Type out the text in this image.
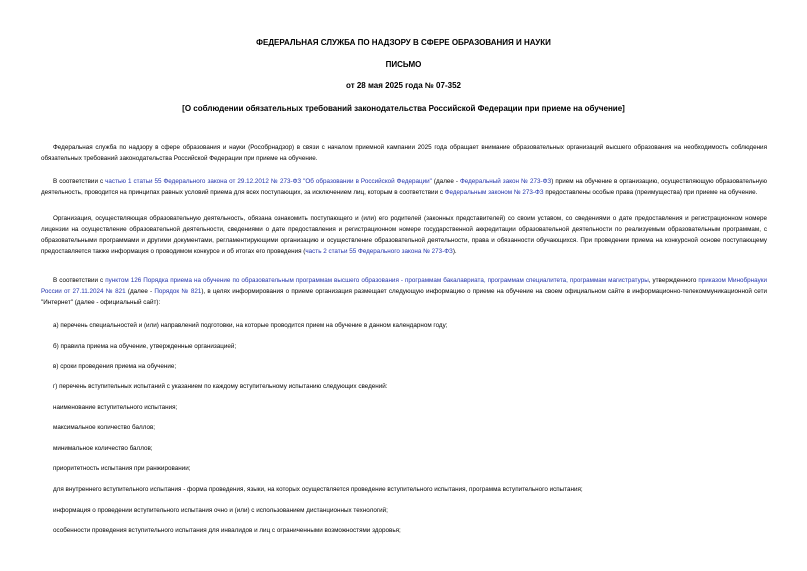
ФЕДЕРАЛЬНАЯ СЛУЖБА ПО НАДЗОРУ В СФЕРЕ ОБРАЗОВАНИЯ И НАУКИ
ПИСЬМО
от 28 мая 2025 года № 07-352
[О соблюдении обязательных требований законодательства Российской Федерации при приеме на обучение]

Федеральная служба по надзору в сфере образования и науки (Рособрнадзор) в связи с началом приемной кампании 2025 года обращает внимание образовательных организаций высшего образования на необходимость соблюдения обязательных требований законодательства Российской Федерации при приеме на обучение.

В соответствии с частью 1 статьи 55 Федерального закона от 29.12.2012 № 273-ФЗ "Об образовании в Российской Федерации" (далее - Федеральный закон № 273-ФЗ) прием на обучение в организацию, осуществляющую образовательную деятельность, проводится на принципах равных условий приема для всех поступающих, за исключением лиц, которым в соответствии с Федеральным законом № 273-ФЗ предоставлены особые права (преимущества) при приеме на обучение.

Организация, осуществляющая образовательную деятельность, обязана ознакомить поступающего и (или) его родителей (законных представителей) со своим уставом, со сведениями о дате предоставления и регистрационном номере лицензии на осуществление образовательной деятельности, сведениями о дате предоставления и регистрационном номере государственной аккредитации образовательной деятельности по реализуемым образовательным программам, с образовательными программами и другими документами, регламентирующими организацию и осуществление образовательной деятельности, права и обязанности обучающихся. При проведении приема на конкурсной основе поступающему предоставляется также информация о проводимом конкурсе и об итогах его проведения (часть 2 статьи 55 Федерального закона № 273-ФЗ).

В соответствии с пунктом 126 Порядка приема на обучение по образовательным программам высшего образования - программам бакалавриата, программам специалитета, программам магистратуры, утвержденного приказом Минобрнауки России от 27.11.2024 № 821 (далее - Порядок № 821), в целях информирования о приеме организация размещает следующую информацию о приеме на обучение на своем официальном сайте в информационно-телекоммуникационной сети "Интернет" (далее - официальный сайт):

а) перечень специальностей и (или) направлений подготовки, на которые проводится прием на обучение в данном календарном году;

б) правила приема на обучение, утвержденные организацией;

в) сроки проведения приема на обучение;

г) перечень вступительных испытаний с указанием по каждому вступительному испытанию следующих сведений:

наименование вступительного испытания;

максимальное количество баллов;

минимальное количество баллов;

приоритетность испытания при ранжировании;

для внутреннего вступительного испытания - форма проведения, языки, на которых осуществляется проведение вступительного испытания, программа вступительного испытания;

информация о проведении вступительного испытания очно и (или) с использованием дистанционных технологий;

особенности проведения вступительного испытания для инвалидов и лиц с ограниченными возможностями здоровья;
